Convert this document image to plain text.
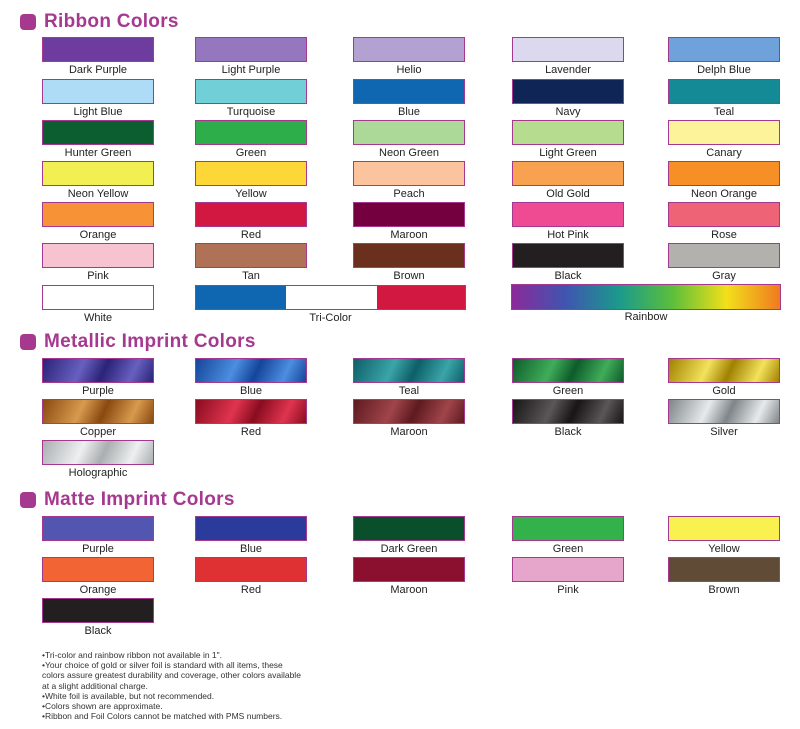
Ribbon Colors
Dark Purple	Light Purple	Helio	Lavender	Delph Blue
Light Blue	Turquoise	Blue	Navy	Teal
Hunter Green	Green	Neon Green	Light Green	Canary
Neon Yellow	Yellow	Peach	Old Gold	Neon Orange
Orange	Red	Maroon	Hot Pink	Rose
Pink	Tan	Brown	Black	Gray
White	Tri-Color	Rainbow
Metallic Imprint Colors
Purple	Blue	Teal	Green	Gold
Copper	Red	Maroon	Black	Silver
Holographic
Matte Imprint Colors
Purple	Blue	Dark Green	Green	Yellow
Orange	Red	Maroon	Pink	Brown
Black

•Tri-color and rainbow ribbon not available in 1".

•Your choice of gold or silver foil is standard with all items, these

colors assure greatest durability and coverage, other colors available

at a slight additional charge.

•White foil is available, but not recommended.

•Colors shown are approximate.

•Ribbon and Foil Colors cannot be matched with PMS numbers.
